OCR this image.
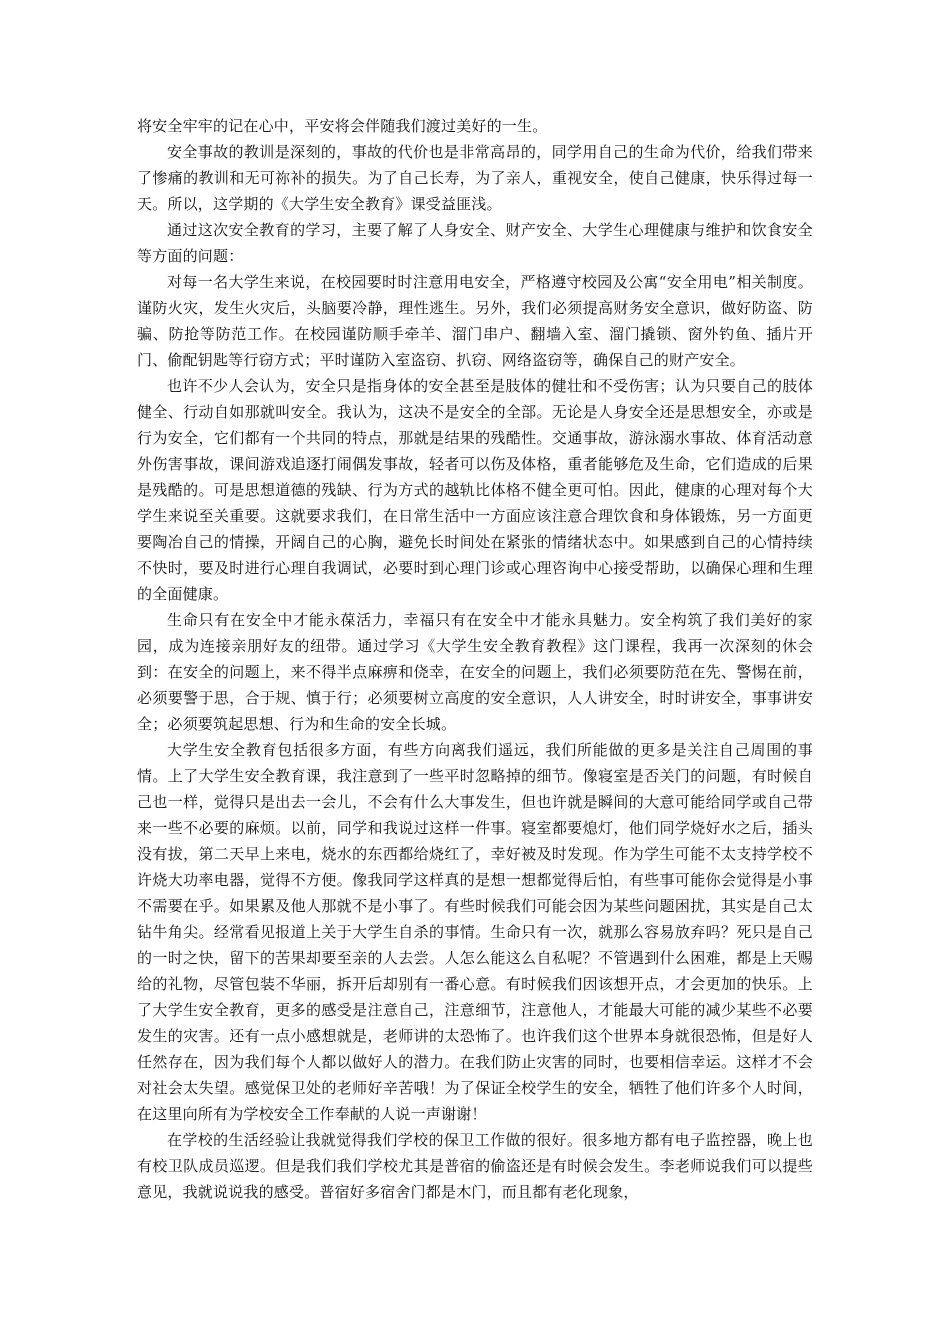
将安全牢牢的记在心中，平安将会伴随我们渡过美好的一生。

安全事故的教训是深刻的，事故的代价也是非常高昂的，同学用自己的生命为代价，给我们带来了惨痛的教训和无可祢补的损失。为了自己长寿，为了亲人，重视安全，使自己健康，快乐得过每一天。所以，这学期的《大学生安全教育》课受益匪浅。

通过这次安全教育的学习，主要了解了人身安全、财产安全、大学生心理健康与维护和饮食安全等方面的问题：

对每一名大学生来说，在校园要时时注意用电安全，严格遵守校园及公寓“安全用电”相关制度。谨防火灾，发生火灾后，头脑要冷静，理性逃生。另外，我们必须提高财务安全意识，做好防盗、防骗、防抢等防范工作。在校园谨防顺手牵羊、溜门串户、翻墙入室、溜门撬锁、窗外钓鱼、插片开门、偷配钥匙等行窃方式；平时谨防入室盗窃、扒窃、网络盗窃等，确保自己的财产安全。

也许不少人会认为，安全只是指身体的安全甚至是肢体的健壮和不受伤害；认为只要自己的肢体健全、行动自如那就叫安全。我认为，这决不是安全的全部。无论是人身安全还是思想安全，亦或是行为安全，它们都有一个共同的特点，那就是结果的残酷性。交通事故，游泳溺水事故、体育活动意外伤害事故，课间游戏追逐打闹偶发事故，轻者可以伤及体格，重者能够危及生命，它们造成的后果是残酷的。可是思想道德的残缺、行为方式的越轨比体格不健全更可怕。因此，健康的心理对每个大学生来说至关重要。这就要求我们，在日常生活中一方面应该注意合理饮食和身体锻炼，另一方面更要陶冶自己的情操，开阔自己的心胸，避免长时间处在紧张的情绪状态中。如果感到自己的心情持续不快时，要及时进行心理自我调试，必要时到心理门诊或心理咨询中心接受帮助，以确保心理和生理的全面健康。

生命只有在安全中才能永葆活力，幸福只有在安全中才能永具魅力。安全构筑了我们美好的家园，成为连接亲朋好友的纽带。通过学习《大学生安全教育教程》这门课程，我再一次深刻的休会到：在安全的问题上，来不得半点麻痹和侥幸，在安全的问题上，我们必须要防范在先、警惕在前，必须要警于思，合于规、慎于行；必须要树立高度的安全意识，人人讲安全，时时讲安全，事事讲安全；必须要筑起思想、行为和生命的安全长城。

大学生安全教育包括很多方面，有些方向离我们遥远，我们所能做的更多是关注自己周围的事情。上了大学生安全教育课，我注意到了一些平时忽略掉的细节。像寝室是否关门的问题，有时候自己也一样，觉得只是出去一会儿，不会有什么大事发生，但也许就是瞬间的大意可能给同学或自己带来一些不必要的麻烦。以前，同学和我说过这样一件事。寝室都要熄灯，他们同学烧好水之后，插头没有拔，第二天早上来电，烧水的东西都给烧红了，幸好被及时发现。作为学生可能不太支持学校不许烧大功率电器，觉得不方便。像我同学这样真的是想一想都觉得后怕，有些事可能你会觉得是小事不需要在乎。如果累及他人那就不是小事了。有些时候我们可能会因为某些问题困扰，其实是自己太钻牛角尖。经常看见报道上关于大学生自杀的事情。生命只有一次，就那么容易放弃吗？死只是自己的一时之快，留下的苦果却要至亲的人去尝。人怎么能这么自私呢？不管遇到什么困难，都是上天赐给的礼物，尽管包装不华丽，拆开后却别有一番心意。有时候我们因该想开点，才会更加的快乐。上了大学生安全教育，更多的感受是注意自己，注意细节，注意他人，才能最大可能的减少某些不必要发生的灾害。还有一点小感想就是，老师讲的太恐怖了。也许我们这个世界本身就很恐怖，但是好人任然存在，因为我们每个人都以做好人的潜力。在我们防止灾害的同时，也要相信幸运。这样才不会对社会太失望。感觉保卫处的老师好辛苦哦！为了保证全校学生的安全，牺牲了他们许多个人时间，在这里向所有为学校安全工作奉献的人说一声谢谢！

在学校的生活经验让我就觉得我们学校的保卫工作做的很好。很多地方都有电子监控器，晚上也有校卫队成员巡逻。但是我们我们学校尤其是普宿的偷盗还是有时候会发生。李老师说我们可以提些意见，我就说说我的感受。普宿好多宿舍门都是木门，而且都有老化现象，
